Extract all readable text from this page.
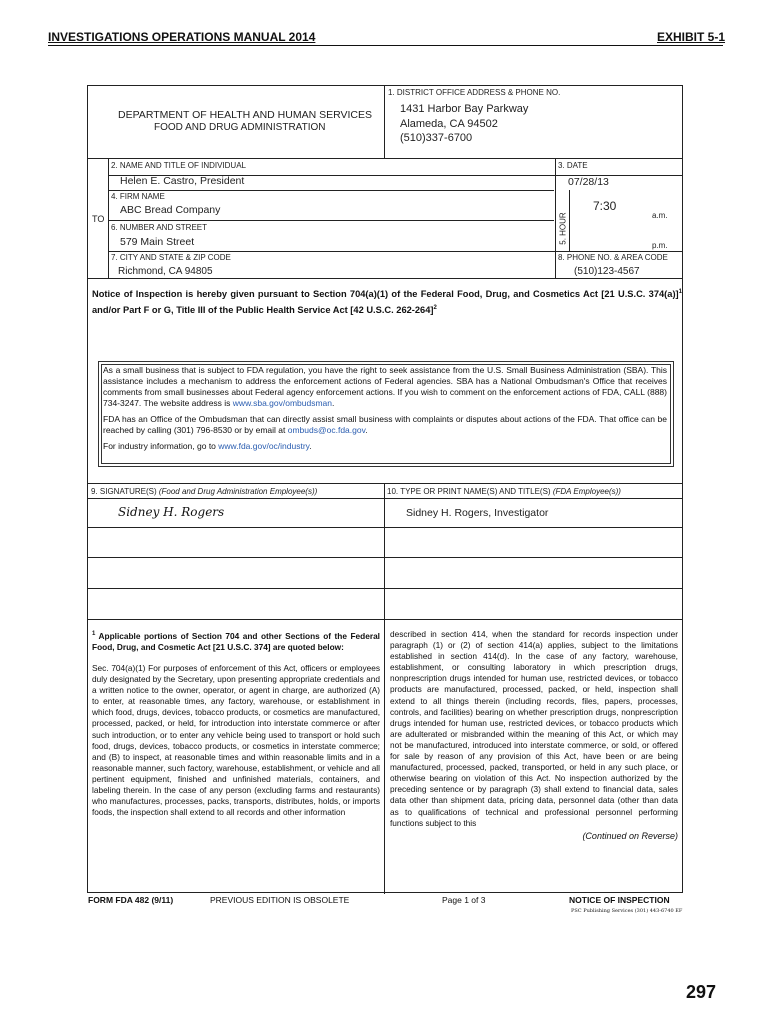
INVESTIGATIONS OPERATIONS MANUAL 2014	EXHIBIT 5-1
DEPARTMENT OF HEALTH AND HUMAN SERVICES
FOOD AND DRUG ADMINISTRATION
1. DISTRICT OFFICE ADDRESS & PHONE NO.
1431 Harbor Bay Parkway
Alameda, CA 94502
(510)337-6700
TO
2. NAME AND TITLE OF INDIVIDUAL
Helen E. Castro, President
3. DATE
07/28/13
4. FIRM NAME
ABC Bread Company
5. HOUR
7:30
a.m.
p.m.
6. NUMBER AND STREET
579 Main Street
7. CITY AND STATE & ZIP CODE
Richmond, CA 94805
8. PHONE NO. & AREA CODE
(510)123-4567
Notice of Inspection is hereby given pursuant to Section 704(a)(1) of the Federal Food, Drug, and Cosmetics Act [21 U.S.C. 374(a)]$^1$ and/or Part F or G, Title III of the Public Health Service Act [42 U.S.C. 262-264]$^2$

As a small business that is subject to FDA regulation, you have the right to seek assistance from the U.S. Small Business Administration (SBA). This assistance includes a mechanism to address the enforcement actions of Federal agencies. SBA has a National Ombudsman's Office that receives comments from small businesses about Federal agency enforcement actions. If you wish to comment on the enforcement actions of FDA, CALL (888) 734-3247. The website address is www.sba.gov/ombudsman.

FDA has an Office of the Ombudsman that can directly assist small business with complaints or disputes about actions of the FDA. That office can be reached by calling (301) 796-8530 or by email at ombuds@oc.fda.gov.

For industry information, go to www.fda.gov/oc/industry.

9. SIGNATURE(S) (Food and Drug Administration Employee(s))	10. TYPE OR PRINT NAME(S) AND TITLE(S) (FDA Employee(s))
Sidney H. Rogers	Sidney H. Rogers, Investigator

$^1$ Applicable portions of Section 704 and other Sections of the Federal Food, Drug, and Cosmetic Act [21 U.S.C. 374] are quoted below:

Sec. 704(a)(1) For purposes of enforcement of this Act, officers or employees duly designated by the Secretary, upon presenting appropriate credentials and a written notice to the owner, operator, or agent in charge, are authorized (A) to enter, at reasonable times, any factory, warehouse, or establishment in which food, drugs, devices, tobacco products, or cosmetics are manufactured, processed, packed, or held, for introduction into interstate commerce or after such introduction, or to enter any vehicle being used to transport or hold such food, drugs, devices, tobacco products, or cosmetics in interstate commerce; and (B) to inspect, at reasonable times and within reasonable limits and in a reasonable manner, such factory, warehouse, establishment, or vehicle and all pertinent equipment, finished and unfinished materials, containers, and labeling therein. In the case of any person (excluding farms and restaurants) who manufactures, processes, packs, transports, distributes, holds, or imports foods, the inspection shall extend to all records and other information

described in section 414, when the standard for records inspection under paragraph (1) or (2) of section 414(a) applies, subject to the limitations established in section 414(d). In the case of any factory, warehouse, establishment, or consulting laboratory in which prescription drugs, nonprescription drugs intended for human use, restricted devices, or tobacco products are manufactured, processed, packed, or held, inspection shall extend to all things therein (including records, files, papers, processes, controls, and facilities) bearing on whether prescription drugs, nonprescription drugs intended for human use, restricted devices, or tobacco products which are adulterated or misbranded within the meaning of this Act, or which may not be manufactured, introduced into interstate commerce, or sold, or offered for sale by reason of any provision of this Act, have been or are being manufactured, processed, packed, transported, or held in any such place, or otherwise bearing on violation of this Act. No inspection authorized by the preceding sentence or by paragraph (3) shall extend to financial data, sales data other than shipment data, pricing data, personnel data (other than data as to qualifications of technical and professional personnel performing functions subject to this

(Continued on Reverse)

FORM FDA 482 (9/11)	PREVIOUS EDITION IS OBSOLETE	Page 1 of 3	NOTICE OF INSPECTION
PSC Publishing Services (301) 443-6740 EF
297
